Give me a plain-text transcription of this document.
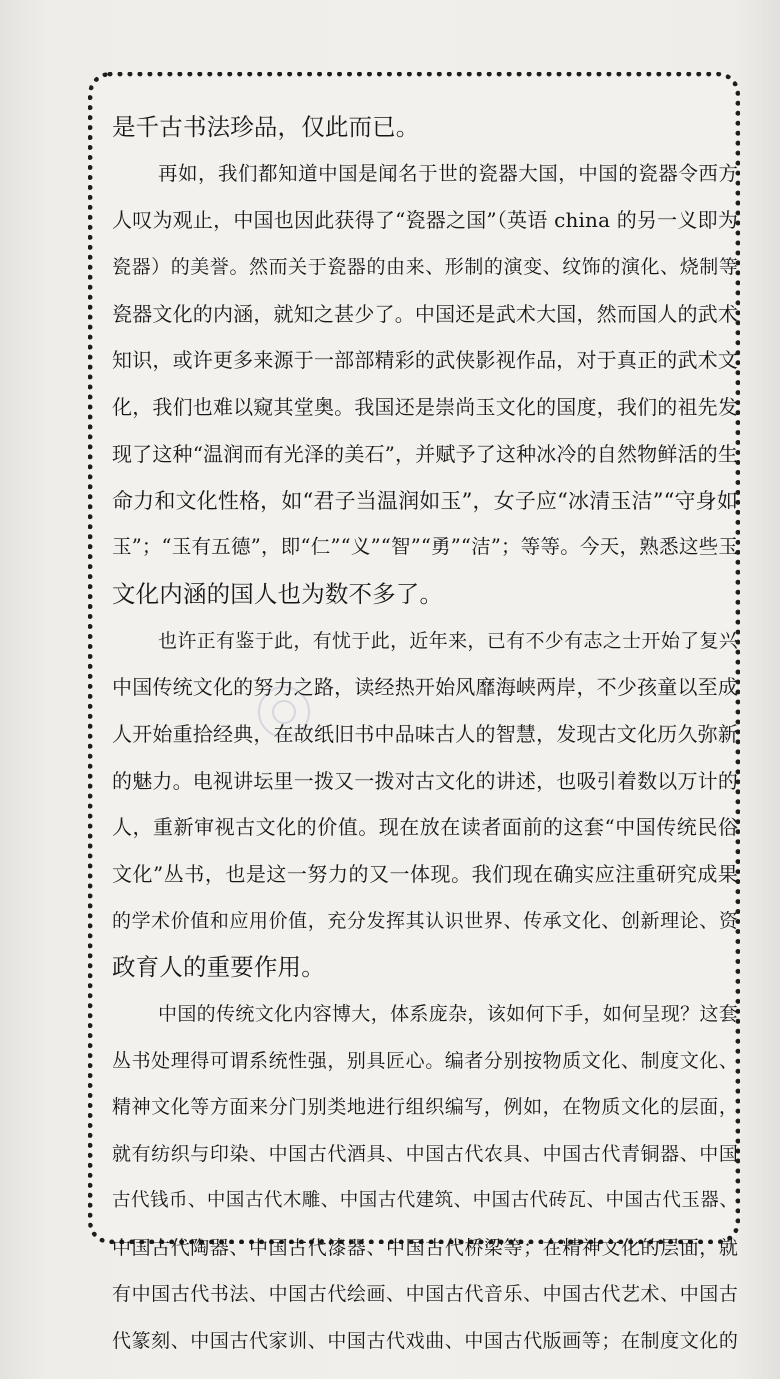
是千古书法珍品，仅此而已。
再如，我们都知道中国是闻名于世的瓷器大国，中国的瓷器令西方
人叹为观止，中国也因此获得了“瓷器之国”（英语 china 的另一义即为
瓷器）的美誉。然而关于瓷器的由来、形制的演变、纹饰的演化、烧制等
瓷器文化的内涵，就知之甚少了。中国还是武术大国，然而国人的武术
知识，或许更多来源于一部部精彩的武侠影视作品，对于真正的武术文
化，我们也难以窥其堂奥。我国还是崇尚玉文化的国度，我们的祖先发
现了这种“温润而有光泽的美石”，并赋予了这种冰冷的自然物鲜活的生
命力和文化性格，如“君子当温润如玉”，女子应“冰清玉洁”“守身如
玉”；“玉有五德”，即“仁”“义”“智”“勇”“洁”；等等。今天，熟悉这些玉
文化内涵的国人也为数不多了。
也许正有鉴于此，有忧于此，近年来，已有不少有志之士开始了复兴
中国传统文化的努力之路，读经热开始风靡海峡两岸，不少孩童以至成
人开始重拾经典，在故纸旧书中品味古人的智慧，发现古文化历久弥新
的魅力。电视讲坛里一拨又一拨对古文化的讲述，也吸引着数以万计的
人，重新审视古文化的价值。现在放在读者面前的这套“中国传统民俗
文化”丛书，也是这一努力的又一体现。我们现在确实应注重研究成果
的学术价值和应用价值，充分发挥其认识世界、传承文化、创新理论、资
政育人的重要作用。
中国的传统文化内容博大，体系庞杂，该如何下手，如何呈现？这套
丛书处理得可谓系统性强，别具匠心。编者分别按物质文化、制度文化、
精神文化等方面来分门别类地进行组织编写，例如，在物质文化的层面，
就有纺织与印染、中国古代酒具、中国古代农具、中国古代青铜器、中国
古代钱币、中国古代木雕、中国古代建筑、中国古代砖瓦、中国古代玉器、
中国古代陶器、中国古代漆器、中国古代桥梁等；在精神文化的层面，就
有中国古代书法、中国古代绘画、中国古代音乐、中国古代艺术、中国古
代篆刻、中国古代家训、中国古代戏曲、中国古代版画等；在制度文化的
